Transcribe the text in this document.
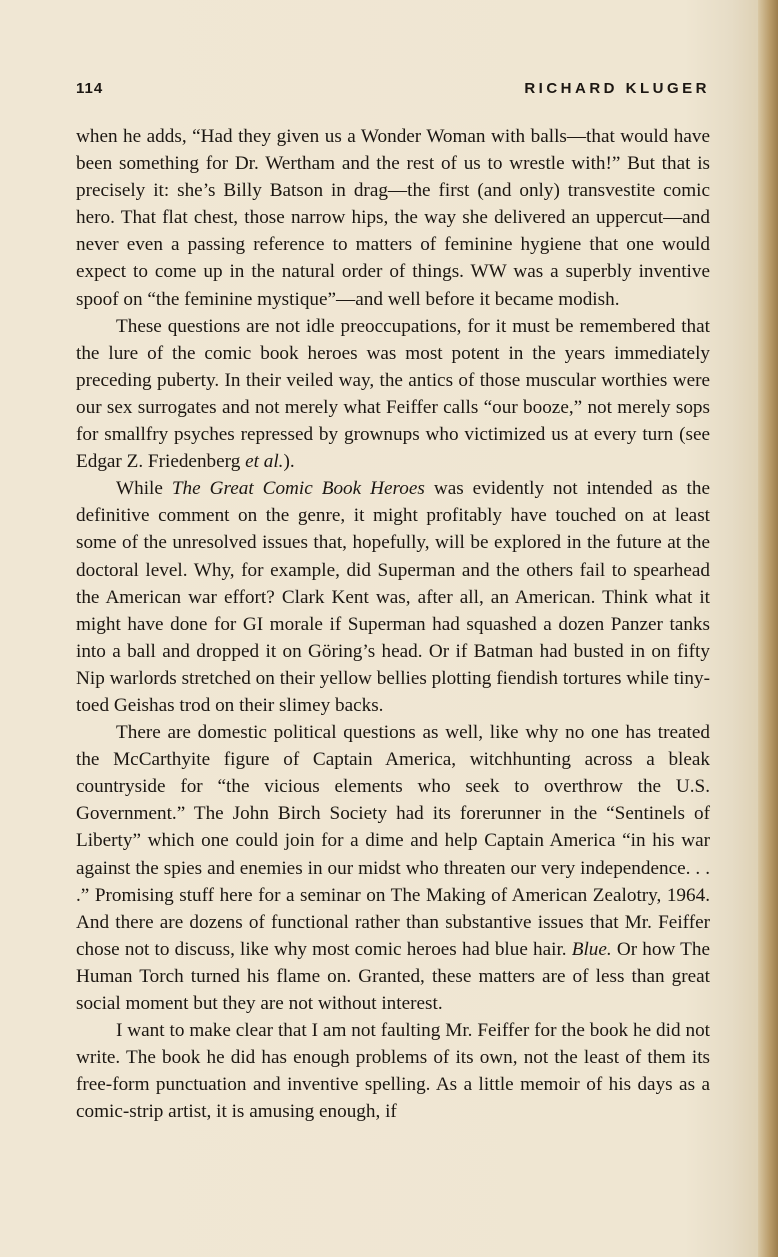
114	RICHARD KLUGER

when he adds, “Had they given us a Wonder Woman with balls—that would have been something for Dr. Wertham and the rest of us to wrestle with!” But that is precisely it: she’s Billy Batson in drag—the first (and only) transvestite comic hero. That flat chest, those narrow hips, the way she delivered an uppercut—and never even a passing reference to matters of feminine hygiene that one would expect to come up in the natural order of things. WW was a superbly inventive spoof on “the feminine mystique”—and well before it became modish.

These questions are not idle preoccupations, for it must be remembered that the lure of the comic book heroes was most potent in the years immediately preceding puberty. In their veiled way, the antics of those muscular worthies were our sex surrogates and not merely what Feiffer calls “our booze,” not merely sops for smallfry psyches repressed by grownups who victimized us at every turn (see Edgar Z. Friedenberg et al.).

While The Great Comic Book Heroes was evidently not intended as the definitive comment on the genre, it might profitably have touched on at least some of the unresolved issues that, hopefully, will be explored in the future at the doctoral level. Why, for example, did Superman and the others fail to spearhead the American war effort? Clark Kent was, after all, an American. Think what it might have done for GI morale if Superman had squashed a dozen Panzer tanks into a ball and dropped it on Göring’s head. Or if Batman had busted in on fifty Nip warlords stretched on their yellow bellies plotting fiendish tortures while tiny-toed Geishas trod on their slimey backs.

There are domestic political questions as well, like why no one has treated the McCarthyite figure of Captain America, witchhunting across a bleak countryside for “the vicious elements who seek to overthrow the U.S. Government.” The John Birch Society had its forerunner in the “Sentinels of Liberty” which one could join for a dime and help Captain America “in his war against the spies and enemies in our midst who threaten our very independence. . . .” Promising stuff here for a seminar on The Making of American Zealotry, 1964. And there are dozens of functional rather than substantive issues that Mr. Feiffer chose not to discuss, like why most comic heroes had blue hair. Blue. Or how The Human Torch turned his flame on. Granted, these matters are of less than great social moment but they are not without interest.

I want to make clear that I am not faulting Mr. Feiffer for the book he did not write. The book he did has enough problems of its own, not the least of them its free-form punctuation and inventive spelling. As a little memoir of his days as a comic-strip artist, it is amusing enough, if
